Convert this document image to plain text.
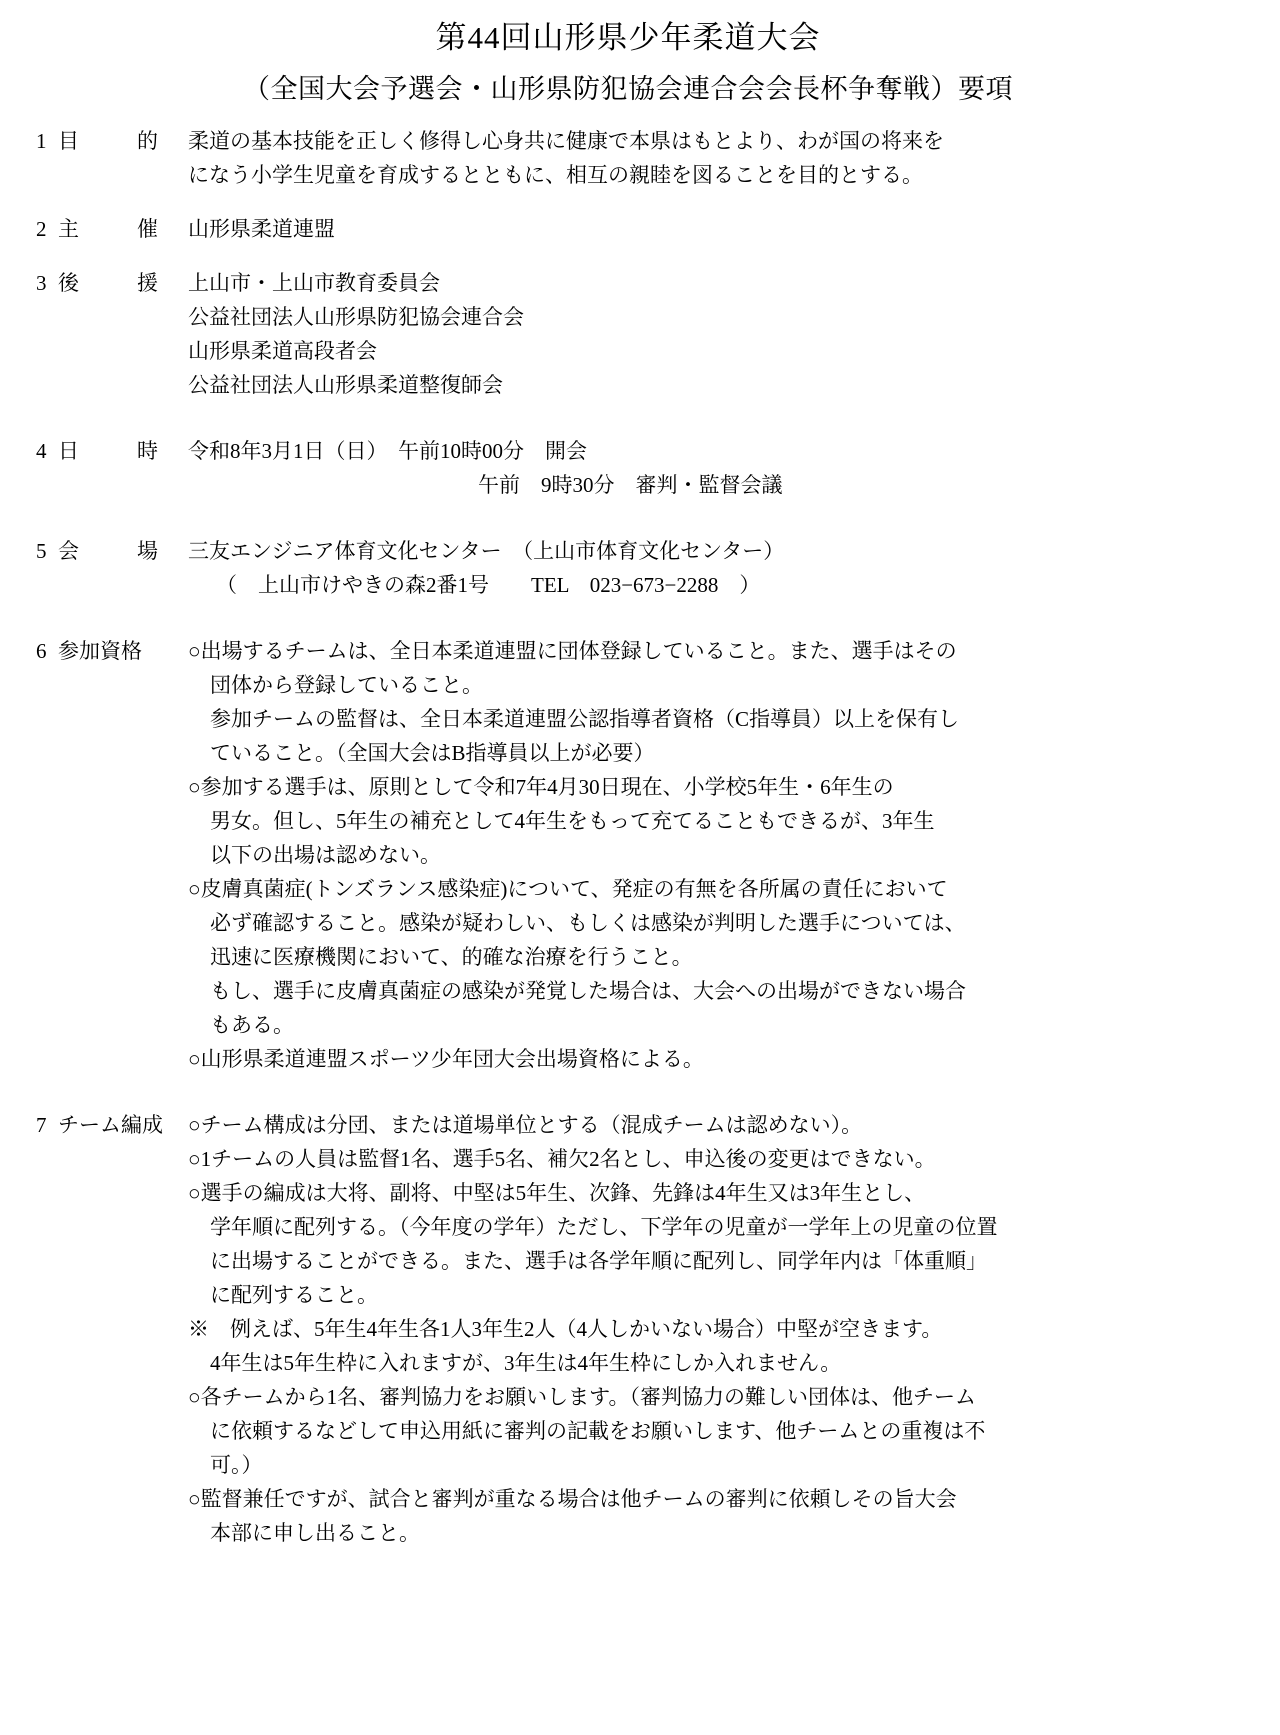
第44回山形県少年柔道大会
（全国大会予選会・山形県防犯協会連合会会長杯争奪戦）要項
1 目	的 柔道の基本技能を正しく修得し心身共に健康で本県はもとより、わが国の将来を
になう小学生児童を育成するとともに、相互の親睦を図ることを目的とする。
2 主	催 山形県柔道連盟
3 後	援 上山市・上山市教育委員会
公益社団法人山形県防犯協会連合会
山形県柔道高段者会
公益社団法人山形県柔道整復師会
4 日	時 令和8年3月1日（日）　午前10時00分　開会
午前　9時30分　審判・監督会議
5 会	場 三友エンジニア体育文化センター　（上山市体育文化センター）
（　上山市けやきの森2番1号　　TEL　023−673−2288　）
6 参加資格	○出場するチームは、全日本柔道連盟に団体登録していること。また、選手はその
団体から登録していること。
参加チームの監督は、全日本柔道連盟公認指導者資格（C指導員）以上を保有し
ていること。（全国大会はB指導員以上が必要）
○参加する選手は、原則として令和7年4月30日現在、小学校5年生・6年生の
男女。但し、5年生の補充として4年生をもって充てることもできるが、3年生
以下の出場は認めない。
○皮膚真菌症(トンズランス感染症)について、発症の有無を各所属の責任において
必ず確認すること。感染が疑わしい、もしくは感染が判明した選手については、
迅速に医療機関において、的確な治療を行うこと。
もし、選手に皮膚真菌症の感染が発覚した場合は、大会への出場ができない場合
もある。
○山形県柔道連盟スポーツ少年団大会出場資格による。
7 チーム編成	○チーム構成は分団、または道場単位とする（混成チームは認めない）。
○1チームの人員は監督1名、選手5名、補欠2名とし、申込後の変更はできない。
○選手の編成は大将、副将、中堅は5年生、次鋒、先鋒は4年生又は3年生とし、
学年順に配列する。（今年度の学年）ただし、下学年の児童が一学年上の児童の位置
に出場することができる。また、選手は各学年順に配列し、同学年内は「体重順」
に配列すること。
※　例えば、5年生4年生各1人3年生2人（4人しかいない場合）中堅が空きます。
4年生は5年生枠に入れますが、3年生は4年生枠にしか入れません。
○各チームから1名、審判協力をお願いします。（審判協力の難しい団体は、他チーム
に依頼するなどして申込用紙に審判の記載をお願いします、他チームとの重複は不
可。）
○監督兼任ですが、試合と審判が重なる場合は他チームの審判に依頼しその旨大会
本部に申し出ること。
